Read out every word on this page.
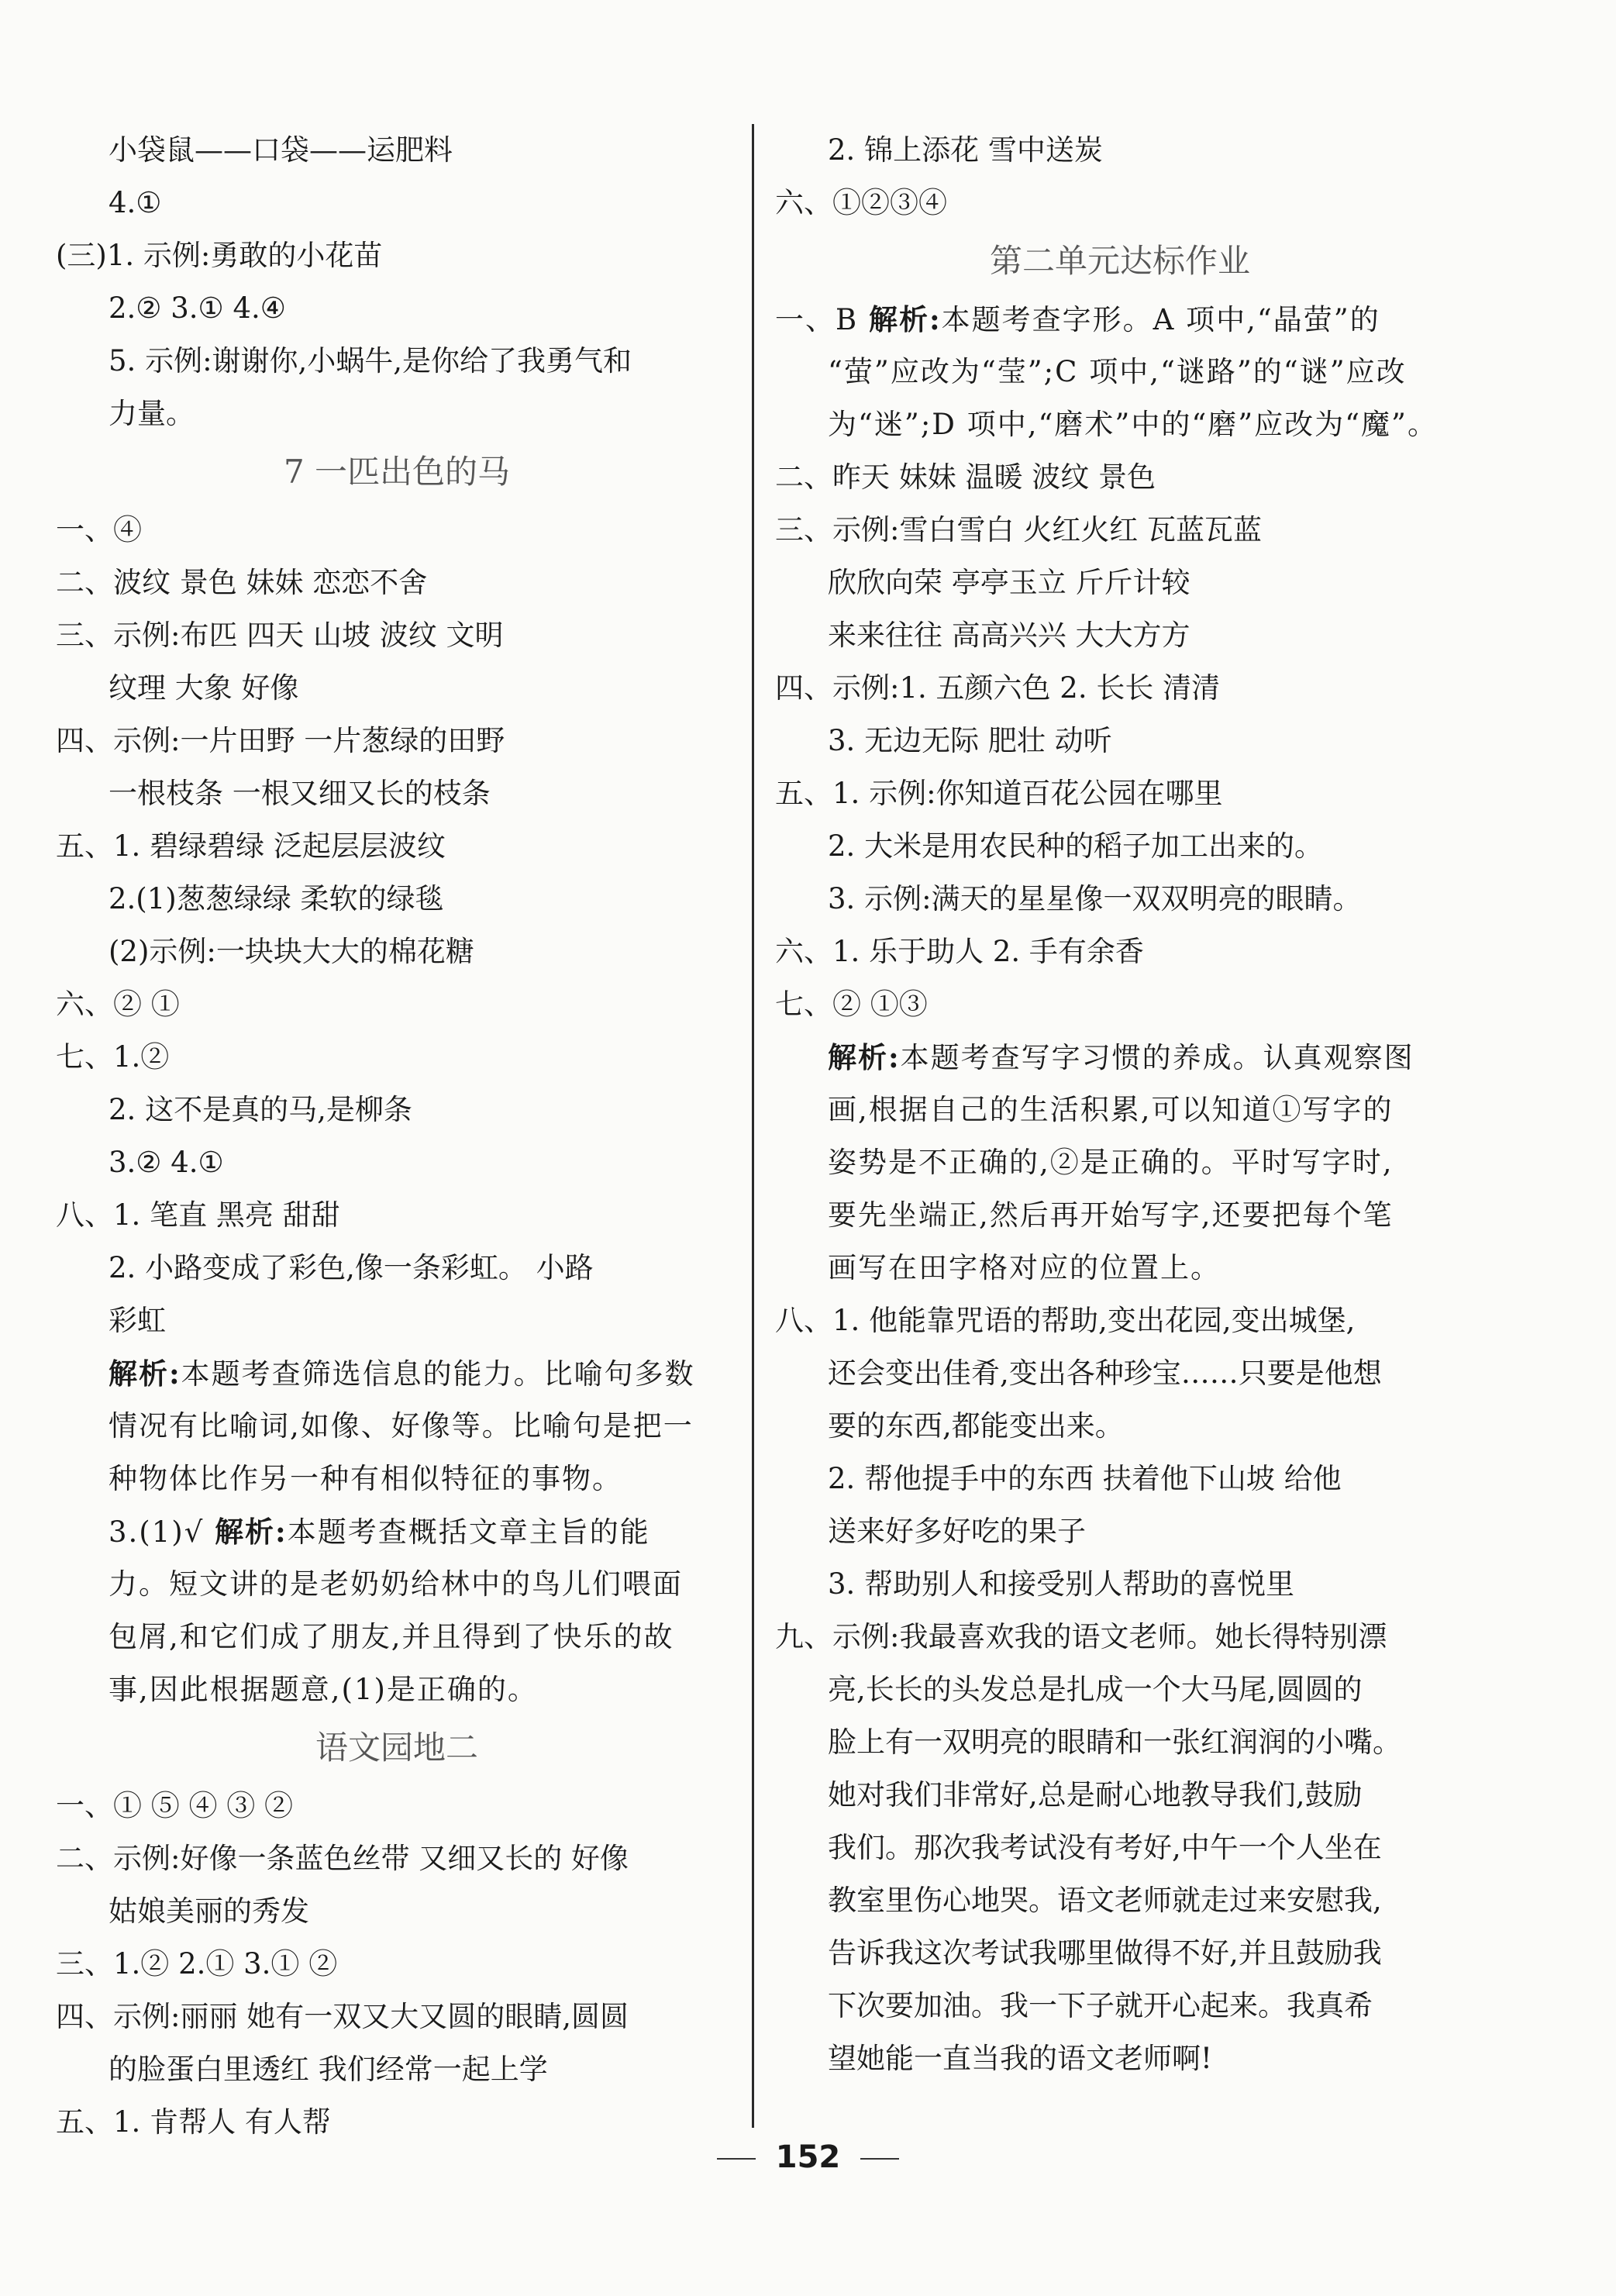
小袋鼠——口袋——运肥料
4.①
(三)1. 示例:勇敢的小花苗
2.② 3.① 4.④
5. 示例:谢谢你,小蜗牛,是你给了我勇气和
力量。
7 一匹出色的马
一、④
二、波纹 景色 妹妹 恋恋不舍
三、示例:布匹 四天 山坡 波纹 文明
纹理 大象 好像
四、示例:一片田野 一片葱绿的田野
一根枝条 一根又细又长的枝条
五、1. 碧绿碧绿 泛起层层波纹
2.(1)葱葱绿绿 柔软的绿毯
(2)示例:一块块大大的棉花糖
六、② ①
七、1.②
2. 这不是真的马,是柳条
3.② 4.①
八、1. 笔直 黑亮 甜甜
2. 小路变成了彩色,像一条彩虹。 小路
彩虹
解析:本题考查筛选信息的能力。比喻句多数
情况有比喻词,如像、好像等。比喻句是把一
种物体比作另一种有相似特征的事物。
3.(1)√ 解析:本题考查概括文章主旨的能
力。短文讲的是老奶奶给林中的鸟儿们喂面
包屑,和它们成了朋友,并且得到了快乐的故
事,因此根据题意,(1)是正确的。
语文园地二
一、① ⑤ ④ ③ ②
二、示例:好像一条蓝色丝带 又细又长的 好像
姑娘美丽的秀发
三、1.② 2.① 3.① ②
四、示例:丽丽 她有一双又大又圆的眼睛,圆圆
的脸蛋白里透红 我们经常一起上学
五、1. 肯帮人 有人帮
2. 锦上添花 雪中送炭
六、①②③④
第二单元达标作业
一、B 解析:本题考查字形。A 项中,“晶萤”的
“萤”应改为“莹”;C 项中,“谜路”的“谜”应改
为“迷”;D 项中,“磨术”中的“磨”应改为“魔”。
二、昨天 妹妹 温暖 波纹 景色
三、示例:雪白雪白 火红火红 瓦蓝瓦蓝
欣欣向荣 亭亭玉立 斤斤计较
来来往往 高高兴兴 大大方方
四、示例:1. 五颜六色 2. 长长 清清
3. 无边无际 肥壮 动听
五、1. 示例:你知道百花公园在哪里
2. 大米是用农民种的稻子加工出来的。
3. 示例:满天的星星像一双双明亮的眼睛。
六、1. 乐于助人 2. 手有余香
七、② ①③
解析:本题考查写字习惯的养成。认真观察图
画,根据自己的生活积累,可以知道①写字的
姿势是不正确的,②是正确的。平时写字时,
要先坐端正,然后再开始写字,还要把每个笔
画写在田字格对应的位置上。
八、1. 他能靠咒语的帮助,变出花园,变出城堡,
还会变出佳肴,变出各种珍宝……只要是他想
要的东西,都能变出来。
2. 帮他提手中的东西 扶着他下山坡 给他
送来好多好吃的果子
3. 帮助别人和接受别人帮助的喜悦里
九、示例:我最喜欢我的语文老师。她长得特别漂
亮,长长的头发总是扎成一个大马尾,圆圆的
脸上有一双明亮的眼睛和一张红润润的小嘴。
她对我们非常好,总是耐心地教导我们,鼓励
我们。那次我考试没有考好,中午一个人坐在
教室里伤心地哭。语文老师就走过来安慰我,
告诉我这次考试我哪里做得不好,并且鼓励我
下次要加油。我一下子就开心起来。我真希
望她能一直当我的语文老师啊!
152
